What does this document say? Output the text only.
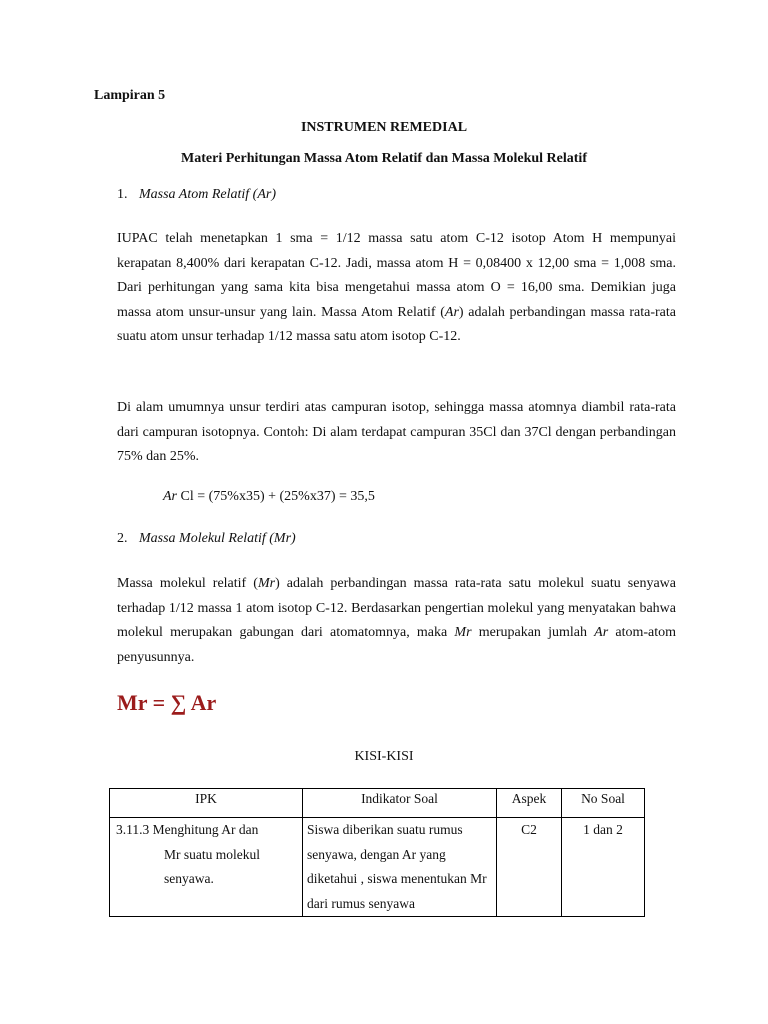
Lampiran 5
INSTRUMEN REMEDIAL
Materi Perhitungan Massa Atom Relatif dan Massa Molekul Relatif
1. Massa Atom Relatif (Ar)
IUPAC telah menetapkan 1 sma = 1/12 massa satu atom C-12 isotop Atom H mempunyai kerapatan 8,400% dari kerapatan C-12. Jadi, massa atom H = 0,08400 x 12,00 sma = 1,008 sma. Dari perhitungan yang sama kita bisa mengetahui massa atom O = 16,00 sma. Demikian juga massa atom unsur-unsur yang lain. Massa Atom Relatif (Ar) adalah perbandingan massa rata-rata suatu atom unsur terhadap 1/12 massa satu atom isotop C-12.
Di alam umumnya unsur terdiri atas campuran isotop, sehingga massa atomnya diambil rata-rata dari campuran isotopnya. Contoh: Di alam terdapat campuran 35Cl dan 37Cl dengan perbandingan 75% dan 25%.
Ar Cl = (75%x35) + (25%x37) = 35,5
2. Massa Molekul Relatif (Mr)
Massa molekul relatif (Mr) adalah perbandingan massa rata-rata satu molekul suatu senyawa terhadap 1/12 massa 1 atom isotop C-12. Berdasarkan pengertian molekul yang menyatakan bahwa molekul merupakan gabungan dari atomatomnya, maka Mr merupakan jumlah Ar atom-atom penyusunnya.
Mr = ∑ Ar
KISI-KISI
IPK	Indikator Soal	Aspek	No Soal

3.11.3 Menghitung Ar dan
Mr suatu molekul
senyawa.	Siswa diberikan suatu rumus senyawa, dengan Ar yang diketahui , siswa menentukan Mr dari rumus senyawa	C2	1 dan 2
